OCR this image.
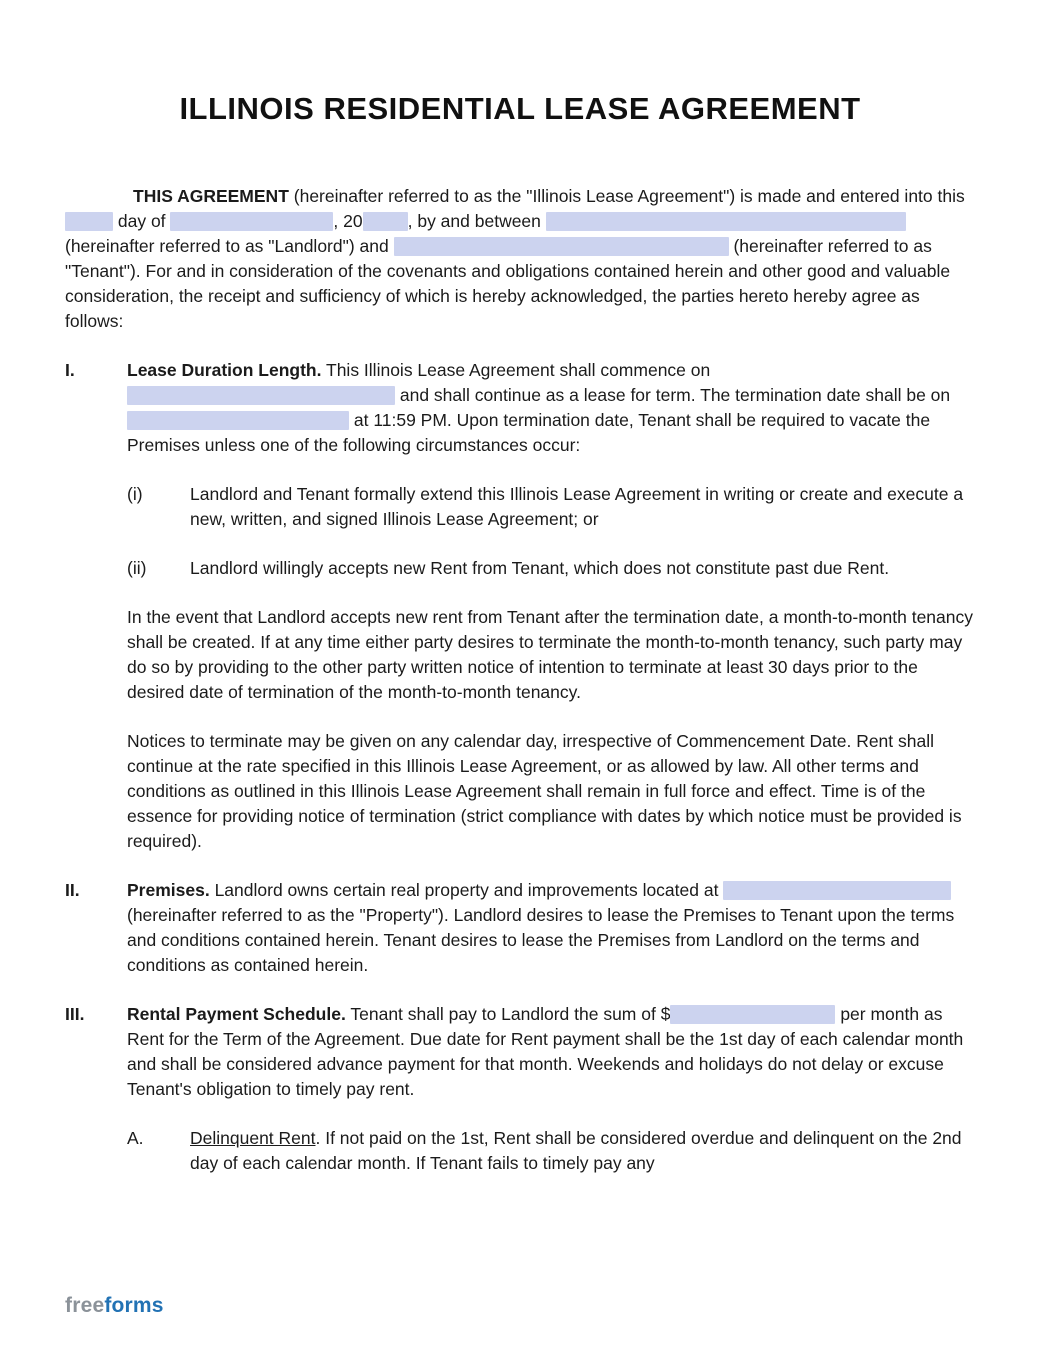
ILLINOIS RESIDENTIAL LEASE AGREEMENT

THIS AGREEMENT (hereinafter referred to as the "Illinois Lease Agreement") is made and entered into this  day of	, 20	, by and between  (hereinafter referred to as "Landlord") and	(hereinafter referred to as "Tenant"). For and in consideration of the covenants and obligations contained herein and other good and valuable consideration, the receipt and sufficiency of which is hereby acknowledged, the parties hereto hereby agree as follows:

I.	Lease Duration Length. This Illinois Lease Agreement shall commence on  and shall continue as a lease for term. The termination date shall be on  at 11:59 PM. Upon termination date, Tenant shall be required to vacate the Premises unless one of the following circumstances occur:

(i)	Landlord and Tenant formally extend this Illinois Lease Agreement in writing or create and execute a new, written, and signed Illinois Lease Agreement; or

(ii)	Landlord willingly accepts new Rent from Tenant, which does not constitute past due Rent.

In the event that Landlord accepts new rent from Tenant after the termination date, a month-to-month tenancy shall be created. If at any time either party desires to terminate the month-to-month tenancy, such party may do so by providing to the other party written notice of intention to terminate at least 30 days prior to the desired date of termination of the month-to-month tenancy.

Notices to terminate may be given on any calendar day, irrespective of Commencement Date. Rent shall continue at the rate specified in this Illinois Lease Agreement, or as allowed by law. All other terms and conditions as outlined in this Illinois Lease Agreement shall remain in full force and effect. Time is of the essence for providing notice of termination (strict compliance with dates by which notice must be provided is required).

II.	Premises. Landlord owns certain real property and improvements located at  (hereinafter referred to as the "Property"). Landlord desires to lease the Premises to Tenant upon the terms and conditions contained herein. Tenant desires to lease the Premises from Landlord on the terms and conditions as contained herein.

III.	Rental Payment Schedule. Tenant shall pay to Landlord the sum of $	per month as Rent for the Term of the Agreement. Due date for Rent payment shall be the 1st day of each calendar month and shall be considered advance payment for that month. Weekends and holidays do not delay or excuse Tenant's obligation to timely pay rent.

A.	Delinquent Rent. If not paid on the 1st, Rent shall be considered overdue and delinquent on the 2nd day of each calendar month. If Tenant fails to timely pay any

freeforms
